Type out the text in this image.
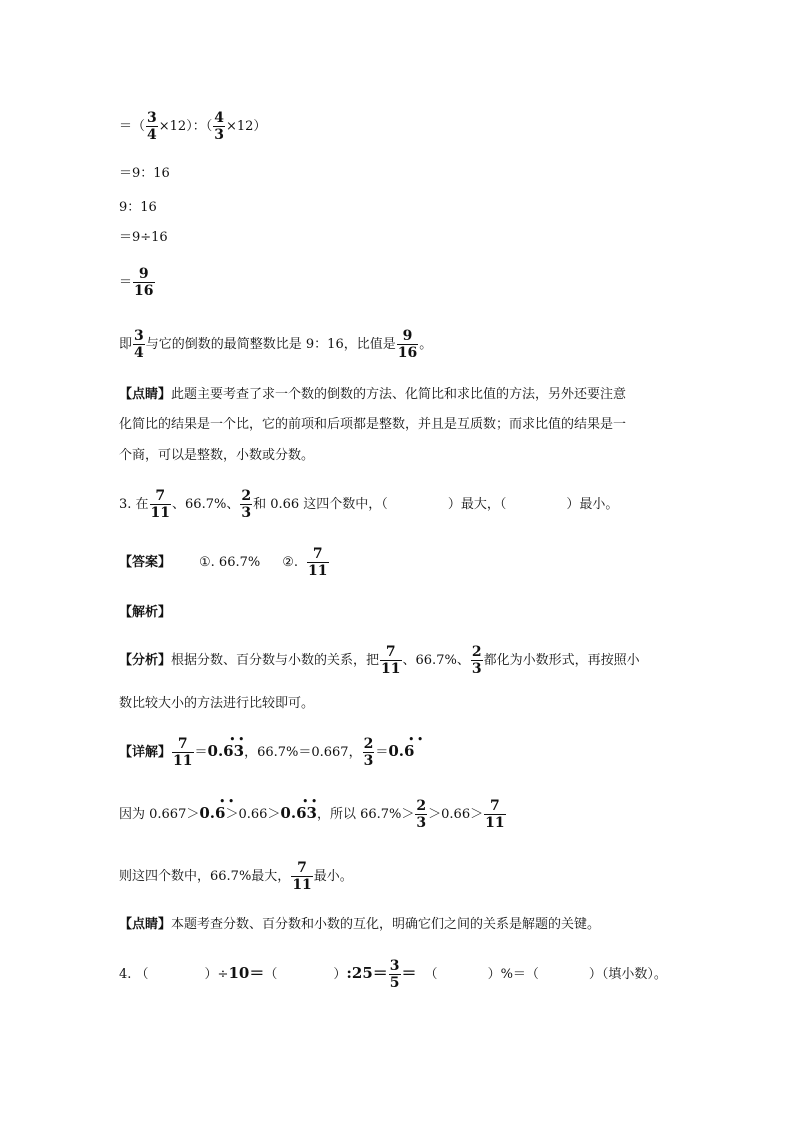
＝（ $\frac{3}{4} \times 12$）：（ $\frac{4}{3} \times 12$）
＝9：16
9：16
＝9÷16
＝ $\frac{9}{16}$
即 $\frac{3}{4}$ 与它的倒数的最简整数比是 9：16，比值是 $\frac{9}{16}$ 。
【点睛】此题主要考查了求一个数的倒数的方法、化简比和求比值的方法，另外还要注意
化简比的结果是一个比，它的前项和后项都是整数，并且是互质数；而求比值的结果是一
个商，可以是整数，小数或分数。
3. 在 $\frac{7}{11}$ 、66.7%、 $\frac{2}{3}$ 和 0.66 这四个数中，（	）最大，（	）最小。
【答案】 ①. 66.7% ②. $\frac{7}{11}$
【解析】
【分析】根据分数、百分数与小数的关系，把 $\frac{7}{11}$ 、66.7%、 $\frac{2}{3}$ 都化为小数形式，再按照小
数比较大小的方法进行比较即可。
【详解】 $\frac{7}{11} =0.63$
• •
，66.7%＝0.667， $\frac{2}{3} =0.6$
• •
因为 0.667＞0.6
• •
＞0.66＞0.63
• •
，所以 $66.7\%> \frac{2}{3} >0.66> \frac{7}{11}$
则这四个数中，66.7%最大， $\frac{7}{11}$ 最小。
【点睛】本题考查分数、百分数和小数的互化，明确它们之间的关系是解题的关键。
4. （	）÷10＝（	）:25＝ $\frac{3}{5}$ ＝ （	）%＝（	）（填小数）。
